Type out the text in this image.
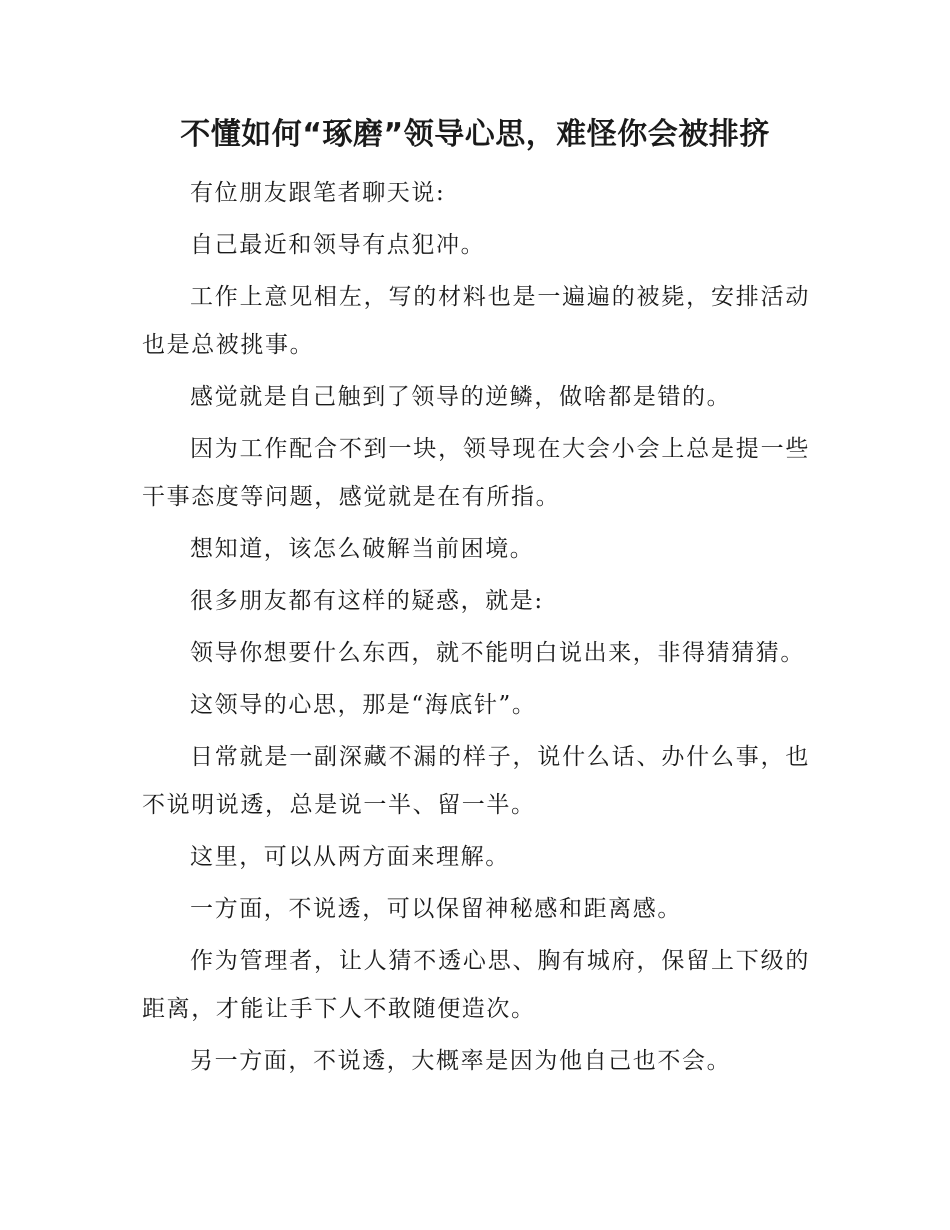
不懂如何“琢磨”领导心思，难怪你会被排挤

有位朋友跟笔者聊天说:

自己最近和领导有点犯冲。

工作上意见相左，写的材料也是一遍遍的被毙，安排活动也是总被挑事。

感觉就是自己触到了领导的逆鳞，做啥都是错的。

因为工作配合不到一块，领导现在大会小会上总是提一些干事态度等问题，感觉就是在有所指。

想知道，该怎么破解当前困境。

很多朋友都有这样的疑惑，就是:

领导你想要什么东西，就不能明白说出来，非得猜猜猜。

这领导的心思，那是“海底针”。

日常就是一副深藏不漏的样子，说什么话、办什么事，也不说明说透，总是说一半、留一半。

这里，可以从两方面来理解。

一方面，不说透，可以保留神秘感和距离感。

作为管理者，让人猜不透心思、胸有城府，保留上下级的距离，才能让手下人不敢随便造次。

另一方面，不说透，大概率是因为他自己也不会。
